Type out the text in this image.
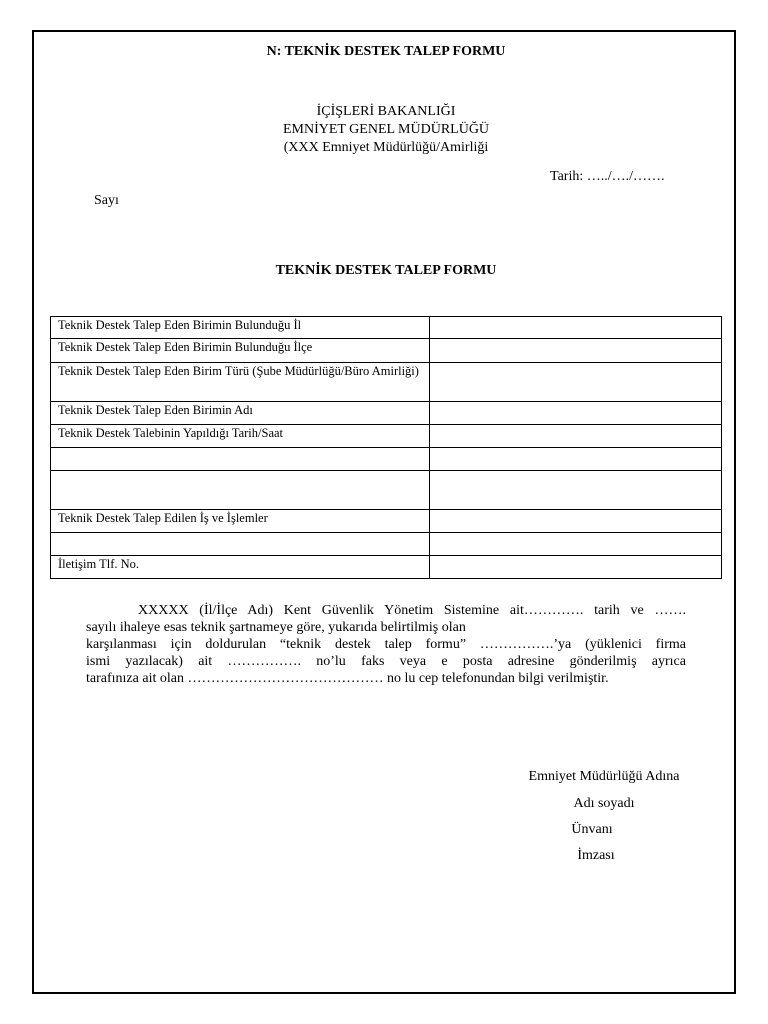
N: TEKNİK DESTEK TALEP FORMU
İÇİŞLERİ BAKANLIĞI
EMNİYET GENEL MÜDÜRLÜĞÜ
(XXX Emniyet Müdürlüğü/Amirliği
Tarih: …../…./…….
Sayı
TEKNİK DESTEK TALEP FORMU
Teknik Destek Talep Eden Birimin Bulunduğu İl	
Teknik Destek Talep Eden Birimin Bulunduğu İlçe	
Teknik Destek Talep Eden Birim Türü (Şube Müdürlüğü/Büro Amirliği)	
Teknik Destek Talep Eden Birimin Adı	
Teknik Destek Talebinin Yapıldığı Tarih/Saat	

Teknik Destek Talep Edilen İş ve İşlemler	

İletişim Tlf. No.	
XXXXX (İl/İlçe Adı) Kent Güvenlik Yönetim Sistemine ait…………. tarih ve …….
sayılı ihaleye esas teknik şartnameye göre, yukarıda belirtilmiş olan
karşılanması için doldurulan “teknik destek talep formu” …………….’ya (yüklenici firma
ismi yazılacak) ait ……………. no’lu faks veya e posta adresine gönderilmiş ayrıca
tarafınıza ait olan …………………………………… no lu cep telefonundan bilgi verilmiştir.
Emniyet Müdürlüğü Adına
Adı soyadı
Ünvanı
İmzası
